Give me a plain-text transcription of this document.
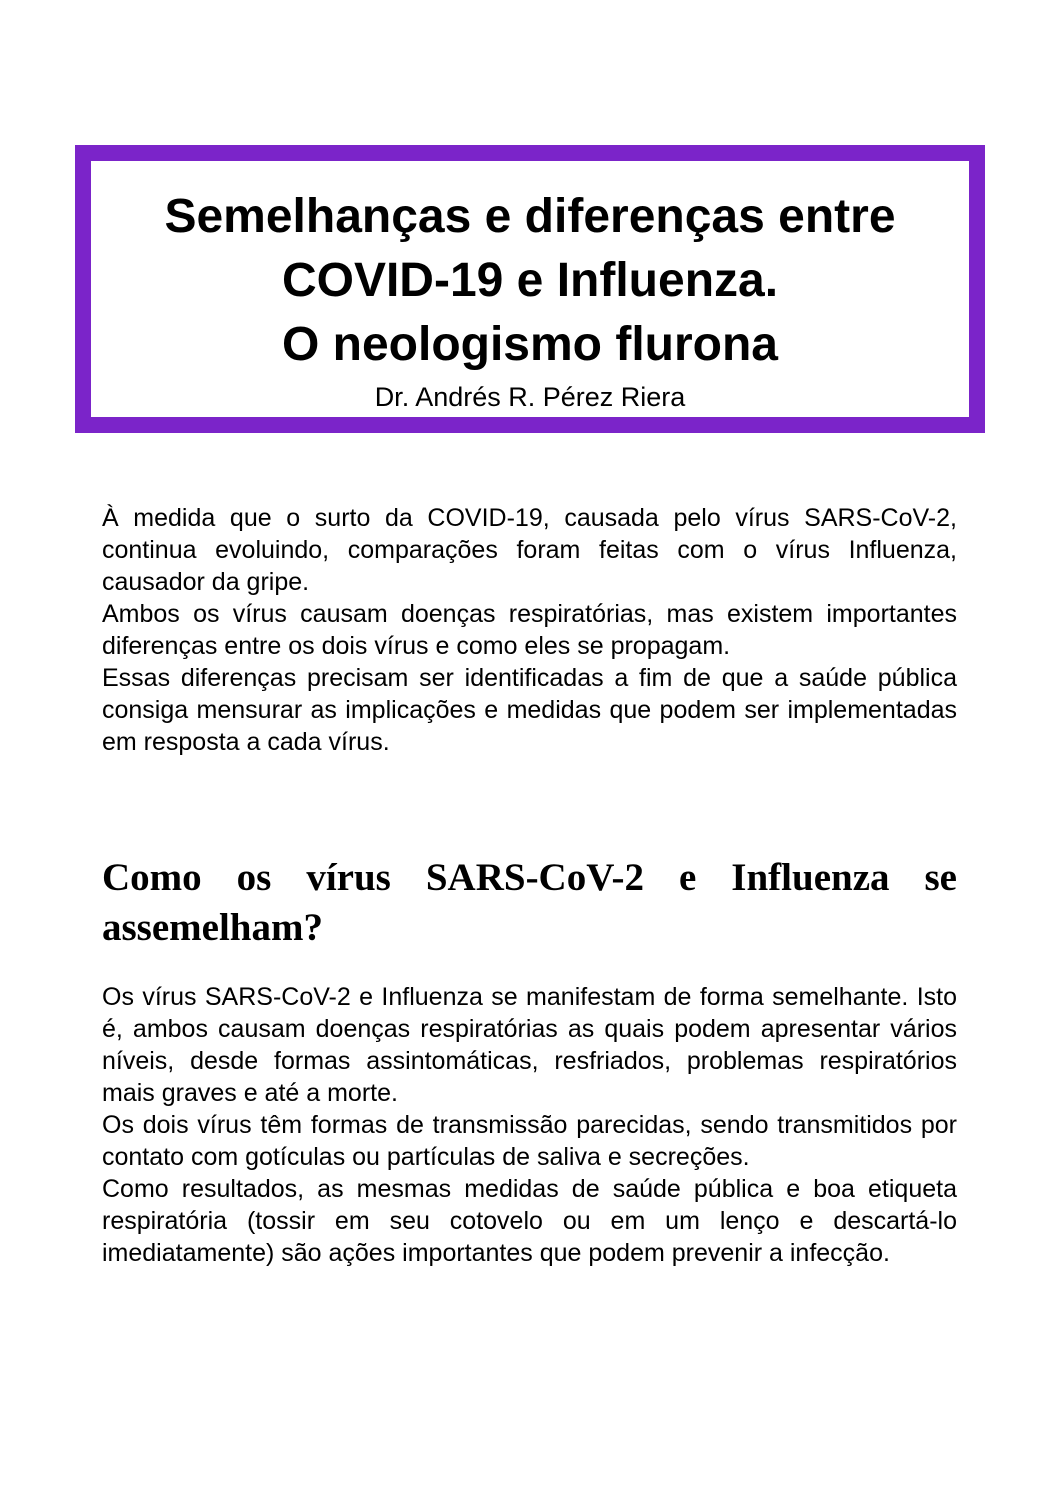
Semelhanças e diferenças entre

COVID-19 e Influenza.

O neologismo flurona

Dr. Andrés R. Pérez Riera

À medida que o surto da COVID-19, causada pelo vírus SARS-CoV-2, continua evoluindo, comparações foram feitas com o vírus Influenza, causador da gripe.

Ambos os vírus causam doenças respiratórias, mas existem importantes diferenças entre os dois vírus e como eles se propagam.

Essas diferenças precisam ser identificadas a fim de que a saúde pública consiga mensurar as implicações e medidas que podem ser implementadas em resposta a cada vírus.

Como os vírus SARS-CoV-2 e Influenza se assemelham?

Os vírus SARS-CoV-2 e Influenza se manifestam de forma semelhante. Isto é, ambos causam doenças respiratórias as quais podem apresentar vários níveis, desde formas assintomáticas, resfriados, problemas respiratórios mais graves e até a morte.

Os dois vírus têm formas de transmissão parecidas, sendo transmitidos por contato com gotículas ou partículas de saliva e secreções.

Como resultados, as mesmas medidas de saúde pública e boa etiqueta respiratória (tossir em seu cotovelo ou em um lenço e descartá-lo imediatamente) são ações importantes que podem prevenir a infecção.
